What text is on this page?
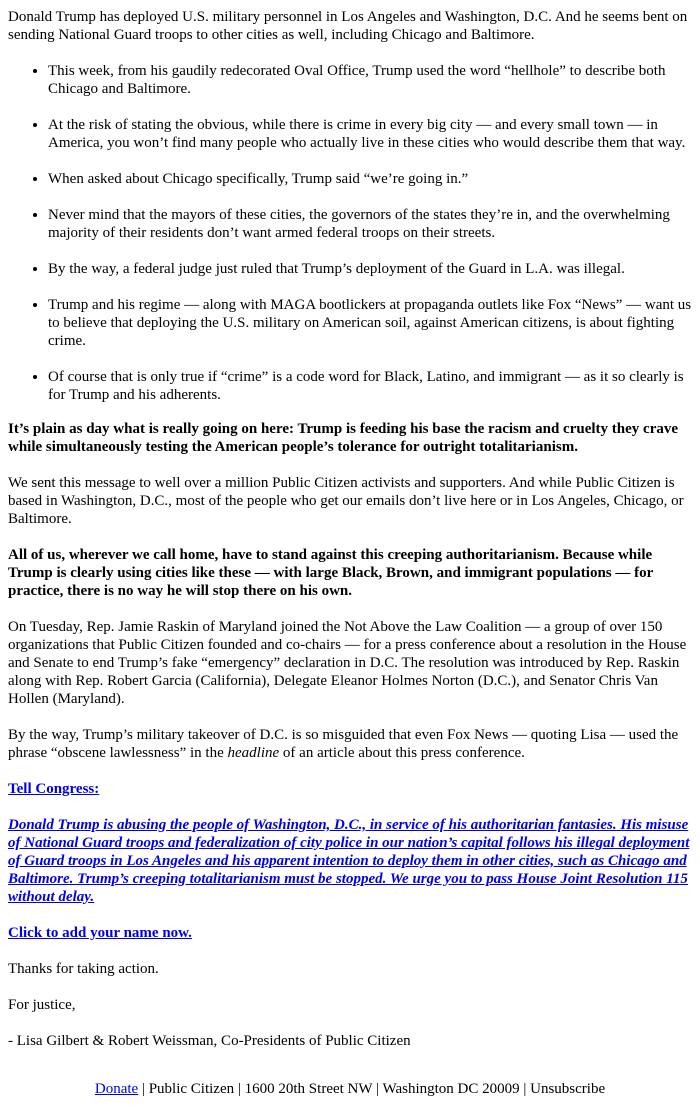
Donald Trump has deployed U.S. military personnel in Los Angeles and Washington, D.C. And he seems bent on sending National Guard troops to other cities as well, including Chicago and Baltimore.

• This week, from his gaudily redecorated Oval Office, Trump used the word “hellhole” to describe both Chicago and Baltimore.
• At the risk of stating the obvious, while there is crime in every big city — and every small town — in America, you won’t find many people who actually live in these cities who would describe them that way.
• When asked about Chicago specifically, Trump said “we’re going in.”
• Never mind that the mayors of these cities, the governors of the states they’re in, and the overwhelming majority of their residents don’t want armed federal troops on their streets.
• By the way, a federal judge just ruled that Trump’s deployment of the Guard in L.A. was illegal.
• Trump and his regime — along with MAGA bootlickers at propaganda outlets like Fox “News” — want us to believe that deploying the U.S. military on American soil, against American citizens, is about fighting crime.
• Of course that is only true if “crime” is a code word for Black, Latino, and immigrant — as it so clearly is for Trump and his adherents.

It’s plain as day what is really going on here: Trump is feeding his base the racism and cruelty they crave while simultaneously testing the American people’s tolerance for outright totalitarianism.

We sent this message to well over a million Public Citizen activists and supporters. And while Public Citizen is based in Washington, D.C., most of the people who get our emails don’t live here or in Los Angeles, Chicago, or Baltimore.

All of us, wherever we call home, have to stand against this creeping authoritarianism. Because while Trump is clearly using cities like these — with large Black, Brown, and immigrant populations — for practice, there is no way he will stop there on his own.

On Tuesday, Rep. Jamie Raskin of Maryland joined the Not Above the Law Coalition — a group of over 150 organizations that Public Citizen founded and co-chairs — for a press conference about a resolution in the House and Senate to end Trump’s fake “emergency” declaration in D.C. The resolution was introduced by Rep. Raskin along with Rep. Robert Garcia (California), Delegate Eleanor Holmes Norton (D.C.), and Senator Chris Van Hollen (Maryland).

By the way, Trump’s military takeover of D.C. is so misguided that even Fox News — quoting Lisa — used the phrase “obscene lawlessness” in the headline of an article about this press conference.

Tell Congress:

Donald Trump is abusing the people of Washington, D.C., in service of his authoritarian fantasies. His misuse of National Guard troops and federalization of city police in our nation’s capital follows his illegal deployment of Guard troops in Los Angeles and his apparent intention to deploy them in other cities, such as Chicago and Baltimore. Trump’s creeping totalitarianism must be stopped. We urge you to pass House Joint Resolution 115 without delay.

Click to add your name now.

Thanks for taking action.

For justice,

- Lisa Gilbert & Robert Weissman, Co-Presidents of Public Citizen

Donate | Public Citizen | 1600 20th Street NW | Washington DC 20009 | Unsubscribe
